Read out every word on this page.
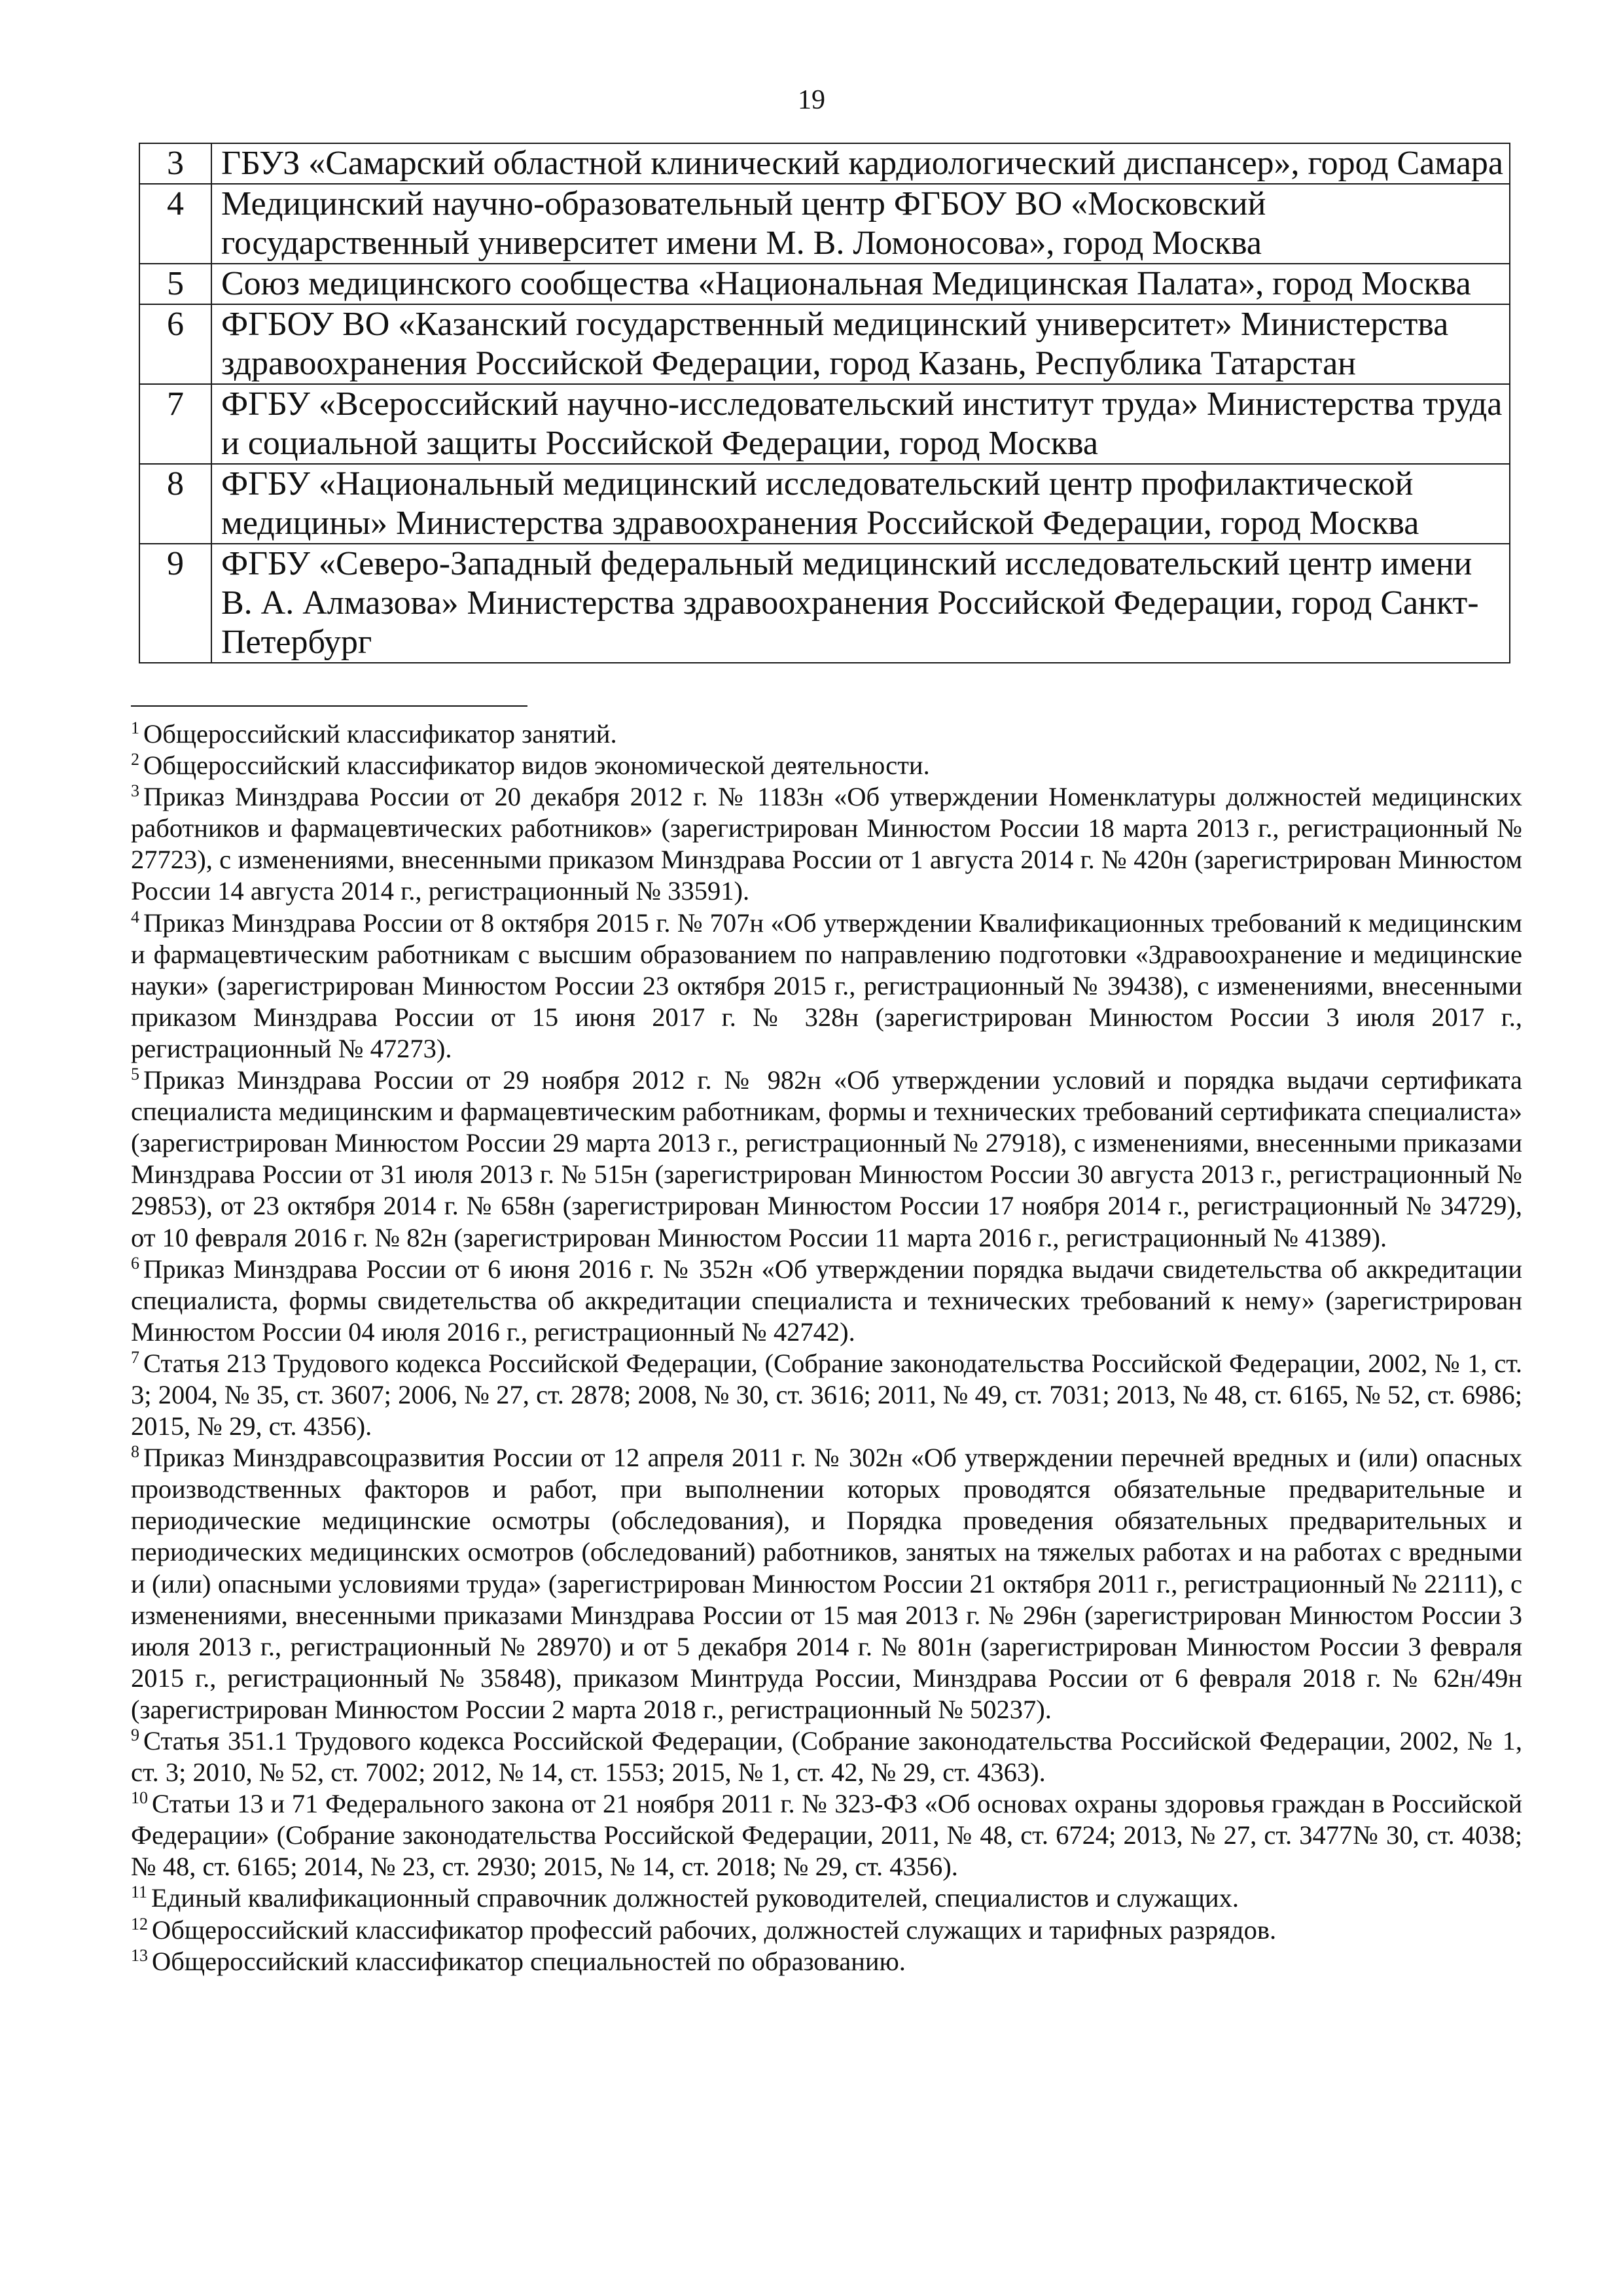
19
3	ГБУЗ «Самарский областной клинический кардиологический диспансер», город Самара
4	Медицинский научно-образовательный центр ФГБОУ ВО «Московский государственный университет имени М. В. Ломоносова», город Москва
5	Союз медицинского сообщества «Национальная Медицинская Палата», город Москва
6	ФГБОУ ВО «Казанский государственный медицинский университет» Министерства здравоохранения Российской Федерации, город Казань, Республика Татарстан
7	ФГБУ «Всероссийский научно-исследовательский институт труда» Министерства труда и социальной защиты Российской Федерации, город Москва
8	ФГБУ «Национальный медицинский исследовательский центр профилактической медицины» Министерства здравоохранения Российской Федерации, город Москва
9	ФГБУ «Северо-Западный федеральный медицинский исследовательский центр имени В. А. Алмазова» Министерства здравоохранения Российской Федерации, город Санкт-Петербург

$^1$ Общероссийский классификатор занятий.

$^2$ Общероссийский классификатор видов экономической деятельности.

$^3$ Приказ Минздрава России от 20 декабря 2012 г. № 1183н «Об утверждении Номенклатуры должностей медицинских работников и фармацевтических работников» (зарегистрирован Минюстом России 18 марта 2013 г., регистрационный № 27723), с изменениями, внесенными приказом Минздрава России от 1 августа 2014 г. № 420н (зарегистрирован Минюстом России 14 августа 2014 г., регистрационный № 33591).

$^4$ Приказ Минздрава России от 8 октября 2015 г. № 707н «Об утверждении Квалификационных требований к медицинским и фармацевтическим работникам с высшим образованием по направлению подготовки «Здравоохранение и медицинские науки» (зарегистрирован Минюстом России 23 октября 2015 г., регистрационный № 39438), с изменениями, внесенными приказом Минздрава России от 15 июня 2017 г. № 328н (зарегистрирован Минюстом России 3 июля 2017 г., регистрационный № 47273).

$^5$ Приказ Минздрава России от 29 ноября 2012 г. № 982н «Об утверждении условий и порядка выдачи сертификата специалиста медицинским и фармацевтическим работникам, формы и технических требований сертификата специалиста» (зарегистрирован Минюстом России 29 марта 2013 г., регистрационный № 27918), с изменениями, внесенными приказами Минздрава России от 31 июля 2013 г. № 515н (зарегистрирован Минюстом России 30 августа 2013 г., регистрационный № 29853), от 23 октября 2014 г. № 658н (зарегистрирован Минюстом России 17 ноября 2014 г., регистрационный № 34729), от 10 февраля 2016 г. № 82н (зарегистрирован Минюстом России 11 марта 2016 г., регистрационный № 41389).

$^6$ Приказ Минздрава России от 6 июня 2016 г. № 352н «Об утверждении порядка выдачи свидетельства об аккредитации специалиста, формы свидетельства об аккредитации специалиста и технических требований к нему» (зарегистрирован Минюстом России 04 июля 2016 г., регистрационный № 42742).

$^7$ Статья 213 Трудового кодекса Российской Федерации, (Собрание законодательства Российской Федерации, 2002, № 1, ст. 3; 2004, № 35, ст. 3607; 2006, № 27, ст. 2878; 2008, № 30, ст. 3616; 2011, № 49, ст. 7031; 2013, № 48, ст. 6165, № 52, ст. 6986; 2015, № 29, ст. 4356).

$^8$ Приказ Минздравсоцразвития России от 12 апреля 2011 г. № 302н «Об утверждении перечней вредных и (или) опасных производственных факторов и работ, при выполнении которых проводятся обязательные предварительные и периодические медицинские осмотры (обследования), и Порядка проведения обязательных предварительных и периодических медицинских осмотров (обследований) работников, занятых на тяжелых работах и на работах с вредными и (или) опасными условиями труда» (зарегистрирован Минюстом России 21 октября 2011 г., регистрационный № 22111), с изменениями, внесенными приказами Минздрава России от 15 мая 2013 г. № 296н (зарегистрирован Минюстом России 3 июля 2013 г., регистрационный № 28970) и от 5 декабря 2014 г. № 801н (зарегистрирован Минюстом России 3 февраля 2015 г., регистрационный № 35848), приказом Минтруда России, Минздрава России от 6 февраля 2018 г. № 62н/49н (зарегистрирован Минюстом России 2 марта 2018 г., регистрационный № 50237).

$^9$ Статья 351.1 Трудового кодекса Российской Федерации, (Собрание законодательства Российской Федерации, 2002, № 1, ст. 3; 2010, № 52, ст. 7002; 2012, № 14, ст. 1553; 2015, № 1, ст. 42, № 29, ст. 4363).

$^{10}$ Статьи 13 и 71 Федерального закона от 21 ноября 2011 г. № 323-ФЗ «Об основах охраны здоровья граждан в Российской Федерации» (Собрание законодательства Российской Федерации, 2011, № 48, ст. 6724; 2013, № 27, ст. 3477№ 30, ст. 4038; № 48, ст. 6165; 2014, № 23, ст. 2930; 2015, № 14, ст. 2018; № 29, ст. 4356).

$^{11}$ Единый квалификационный справочник должностей руководителей, специалистов и служащих.

$^{12}$ Общероссийский классификатор профессий рабочих, должностей служащих и тарифных разрядов.

$^{13}$ Общероссийский классификатор специальностей по образованию.
